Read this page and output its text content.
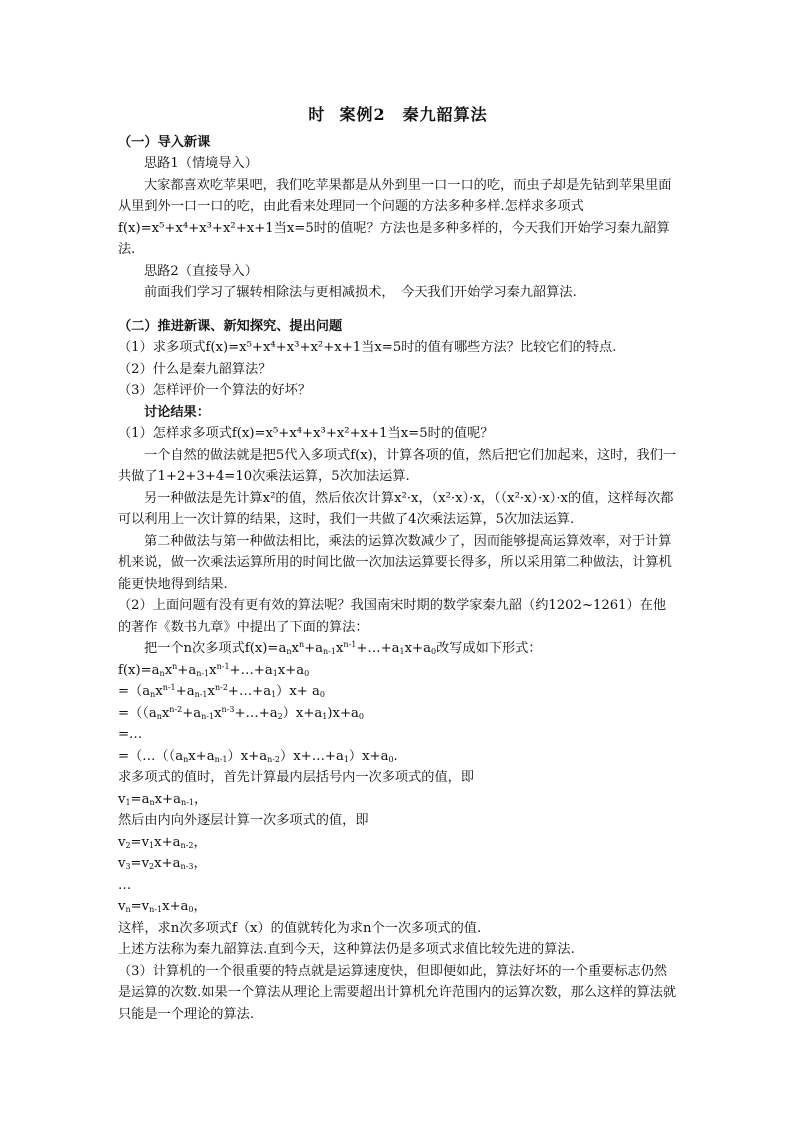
时 案例2　秦九韶算法

（一）导入新课

思路1（情境导入）

大家都喜欢吃苹果吧，我们吃苹果都是从外到里一口一口的吃，而虫子却是先钻到苹果里面从里到外一口一口的吃，由此看来处理同一个问题的方法多种多样.怎样求多项式f(x)=x⁵+x⁴+x³+x²+x+1当x=5时的值呢？方法也是多种多样的，今天我们开始学习秦九韶算法.

思路2（直接导入）

前面我们学习了辗转相除法与更相减损术，　今天我们开始学习秦九韶算法.

（二）推进新课、新知探究、提出问题

（1）求多项式f(x)=x⁵+x⁴+x³+x²+x+1当x=5时的值有哪些方法？比较它们的特点.

（2）什么是秦九韶算法？

（3）怎样评价一个算法的好坏？

讨论结果：

（1）怎样求多项式f(x)=x⁵+x⁴+x³+x²+x+1当x=5时的值呢？

一个自然的做法就是把5代入多项式f(x)，计算各项的值，然后把它们加起来，这时，我们一共做了1+2+3+4=10次乘法运算，5次加法运算.

另一种做法是先计算x²的值，然后依次计算x²·x，（x²·x）·x，（（x²·x）·x）·x的值，这样每次都可以利用上一次计算的结果，这时，我们一共做了4次乘法运算，5次加法运算.

第二种做法与第一种做法相比，乘法的运算次数减少了，因而能够提高运算效率，对于计算机来说，做一次乘法运算所用的时间比做一次加法运算要长得多，所以采用第二种做法，计算机能更快地得到结果.

（2）上面问题有没有更有效的算法呢？我国南宋时期的数学家秦九韶（约1202~1261）在他的著作《数书九章》中提出了下面的算法：

把一个n次多项式$f(x)=a_nx^n+a_{n-1}x^{n-1}+\dots+a_1x+a_0$改写成如下形式：

$f(x)=a_nx^n+a_{n-1}x^{n-1}+\dots+a_1x+a_0$

$=(a_nx^{n-1}+a_{n-1}x^{n-2}+\dots+a_1)x+ a_0$

$=((a_nx^{n-2}+a_{n-1}x^{n-3}+\dots+a_2)x+a_1)x+a_0$

=…

$=(\dots((a_nx+a_{n-1})x+a_{n-2})x+\dots+a_1)x+a_0$.

求多项式的值时，首先计算最内层括号内一次多项式的值，即

$v_1=a_nx+a_{n-1}$，

然后由内向外逐层计算一次多项式的值，即

$v_2=v_1x+a_{n-2}$，

$v_3=v_2x+a_{n-3}$，

…

$v_n=v_{n-1}x+a_0$，

这样，求n次多项式f（x）的值就转化为求n个一次多项式的值.

上述方法称为秦九韶算法.直到今天，这种算法仍是多项式求值比较先进的算法.

（3）计算机的一个很重要的特点就是运算速度快，但即便如此，算法好坏的一个重要标志仍然是运算的次数.如果一个算法从理论上需要超出计算机允许范围内的运算次数，那么这样的算法就只能是一个理论的算法.
